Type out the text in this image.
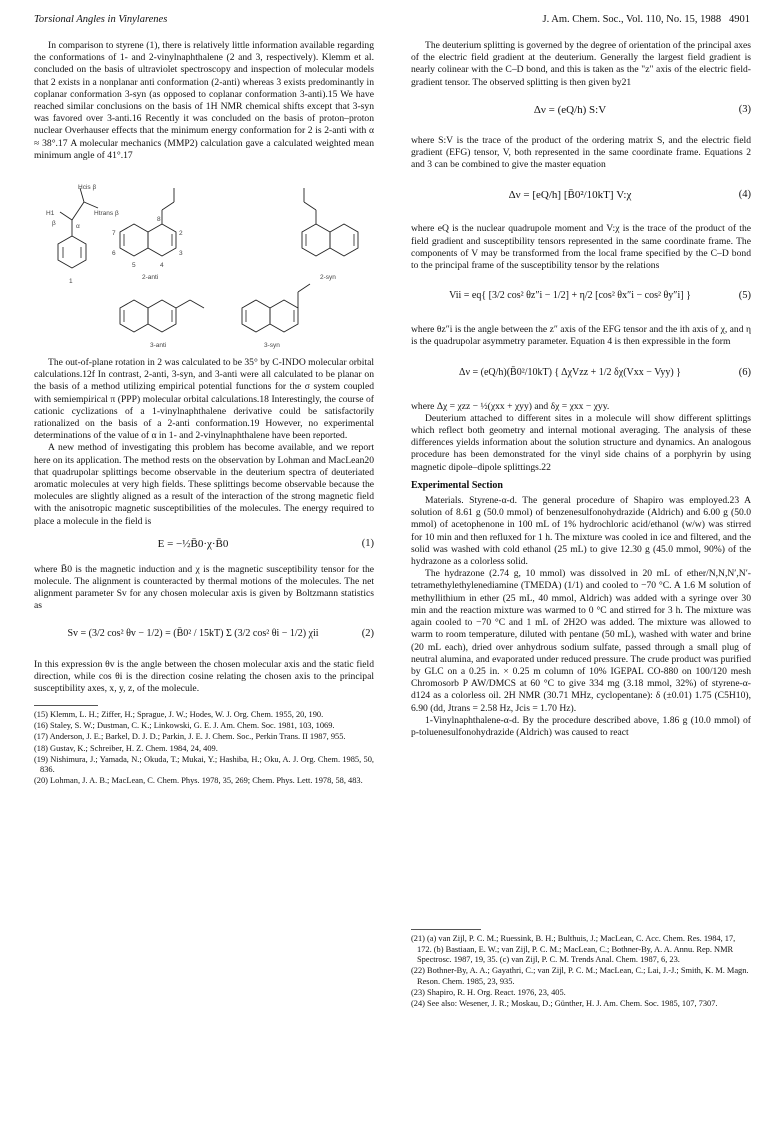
Torsional Angles in Vinylarenes	J. Am. Chem. Soc., Vol. 110, No. 15, 1988 4901

In comparison to styrene (1), there is relatively little information available regarding the conformations of 1- and 2-vinylnaphthalene (2 and 3, respectively). Klemm et al. concluded on the basis of ultraviolet spectroscopy and inspection of molecular models that 2 exists in a nonplanar anti conformation (2-anti) whereas 3 exists predominantly in coplanar conformation 3-syn (as opposed to coplanar conformation 3-anti).15 We have reached similar conclusions on the basis of 1H NMR chemical shifts except that 3-syn was favored over 3-anti.16 Recently it was concluded on the basis of proton–proton nuclear Overhauser effects that the minimum energy conformation for 2 is 2-anti with α ≈ 38°.17 A molecular mechanics (MMP2) calculation gave a calculated weighted mean minimum angle of 41°.17

Hcis β
H1	Htrans β
β	α
8
7
6
5	4
3
2
1
2-anti	2-syn
3-anti	3-syn

The out-of-plane rotation in 2 was calculated to be 35° by C-INDO molecular orbital calculations.12f In contrast, 2-anti, 3-syn, and 3-anti were all calculated to be planar on the basis of a method utilizing empirical potential functions for the σ system coupled with semiempirical π (PPP) molecular orbital calculations.18 Interestingly, the course of cationic cyclizations of a 1-vinylnaphthalene derivative could be satisfactorily rationalized on the basis of a 2-anti conformation.19 However, no experimental determinations of the value of α in 1- and 2-vinylnaphthalene have been reported.

A new method of investigating this problem has become available, and we report here on its application. The method rests on the observation by Lohman and MacLean20 that quadrupolar splittings become observable in the deuterium spectra of deuteriated aromatic molecules at very high fields. These splittings become observable because the molecules are slightly aligned as a result of the interaction of the strong magnetic field with the anisotropic magnetic susceptibilities of the molecules. The energy required to place a molecule in the field is

E = −½B̄0·χ·B̄0	(1)

where B̄0 is the magnetic induction and χ is the magnetic susceptibility tensor for the molecule. The alignment is counteracted by thermal motions of the molecules. The net alignment parameter Sv for any chosen molecular axis is given by Boltzmann statistics as

Sv = (3/2 cos² θv − 1/2) = (B̄0² / 15kT) Σ (3/2 cos² θi − 1/2) χii	(2)

In this expression θv is the angle between the chosen molecular axis and the static field direction, while cos θi is the direction cosine relating the chosen axis to the principal susceptibility axes, x, y, z, of the molecule.

(15) Klemm, L. H.; Ziffer, H.; Sprague, J. W.; Hodes, W. J. Org. Chem. 1955, 20, 190.
(16) Staley, S. W.; Dustman, C. K.; Linkowski, G. E. J. Am. Chem. Soc. 1981, 103, 1069.
(17) Anderson, J. E.; Barkel, D. J. D.; Parkin, J. E. J. Chem. Soc., Perkin Trans. II 1987, 955.
(18) Gustav, K.; Schreiber, H. Z. Chem. 1984, 24, 409.
(19) Nishimura, J.; Yamada, N.; Okuda, T.; Mukai, Y.; Hashiba, H.; Oku, A. J. Org. Chem. 1985, 50, 836.
(20) Lohman, J. A. B.; MacLean, C. Chem. Phys. 1978, 35, 269; Chem. Phys. Lett. 1978, 58, 483.

The deuterium splitting is governed by the degree of orientation of the principal axes of the electric field gradient at the deuterium. Generally the largest field gradient is nearly colinear with the C–D bond, and this is taken as the "z" axis of the electric field-gradient tensor. The observed splitting is then given by21

Δν = (eQ/h) S:V	(3)

where S:V is the trace of the product of the ordering matrix S, and the electric field gradient (EFG) tensor, V, both represented in the same coordinate frame. Equations 2 and 3 can be combined to give the master equation

Δν = [eQ/h] [B̄0²/10kT] V:χ	(4)

where eQ is the nuclear quadrupole moment and V:χ is the trace of the product of the field gradient and susceptibility tensors represented in the same coordinate frame. The components of V may be transformed from the local frame specified by the C–D bond to the principal frame of the susceptibility tensor by the relations

Vii = eq{ [3/2 cos² θz″i − 1/2] + η/2 [cos² θx″i − cos² θy″i] }	(5)

where θz″i is the angle between the z″ axis of the EFG tensor and the ith axis of χ, and η is the quadrupolar asymmetry parameter. Equation 4 is then expressible in the form

Δν = (eQ/h)(B̄0²/10kT) { ΔχVzz + 1/2 δχ(Vxx − Vyy) }	(6)

where Δχ = χzz − ½(χxx + χyy) and δχ = χxx − χyy.

Deuterium attached to different sites in a molecule will show different splittings which reflect both geometry and internal motional averaging. The analysis of these differences yields information about the solution structure and dynamics. An analogous procedure has been demonstrated for the vinyl side chains of a porphyrin by using magnetic dipole–dipole splittings.22

Experimental Section

Materials. Styrene-α-d. The general procedure of Shapiro was employed.23 A solution of 8.61 g (50.0 mmol) of benzenesulfonohydrazide (Aldrich) and 6.00 g (50.0 mmol) of acetophenone in 100 mL of 1% hydrochloric acid/ethanol (w/w) was stirred for 10 min and then refluxed for 1 h. The mixture was cooled in ice and filtered, and the solid was washed with cold ethanol (25 mL) to give 12.30 g (45.0 mmol, 90%) of the hydrazone as a colorless solid.

The hydrazone (2.74 g, 10 mmol) was dissolved in 20 mL of ether/N,N,N′,N′-tetramethylethylenediamine (TMEDA) (1/1) and cooled to −70 °C. A 1.6 M solution of methyllithium in ether (25 mL, 40 mmol, Aldrich) was added with a syringe over 30 min and the reaction mixture was warmed to 0 °C and stirred for 3 h. The mixture was again cooled to −70 °C and 1 mL of 2H2O was added. The mixture was allowed to warm to room temperature, diluted with pentane (50 mL), washed with water and brine (20 mL each), dried over anhydrous sodium sulfate, passed through a small plug of neutral alumina, and evaporated under reduced pressure. The crude product was purified by GLC on a 0.25 in. × 0.25 m column of 10% IGEPAL CO-880 on 100/120 mesh Chromosorb P AW/DMCS at 60 °C to give 334 mg (3.18 mmol, 32%) of styrene-α-d124 as a colorless oil. 2H NMR (30.71 MHz, cyclopentane): δ (±0.01) 1.75 (C5H10), 6.90 (dd, Jtrans = 2.58 Hz, Jcis = 1.70 Hz).

1-Vinylnaphthalene-α-d. By the procedure described above, 1.86 g (10.0 mmol) of p-toluenesulfonohydrazide (Aldrich) was caused to react

(21) (a) van Zijl, P. C. M.; Ruessink, B. H.; Bulthuis, J.; MacLean, C. Acc. Chem. Res. 1984, 17, 172. (b) Bastiaan, E. W.; van Zijl, P. C. M.; MacLean, C.; Bothner-By, A. A. Annu. Rep. NMR Spectrosc. 1987, 19, 35. (c) van Zijl, P. C. M. Trends Anal. Chem. 1987, 6, 23.
(22) Bothner-By, A. A.; Gayathri, C.; van Zijl, P. C. M.; MacLean, C.; Lai, J.-J.; Smith, K. M. Magn. Reson. Chem. 1985, 23, 935.
(23) Shapiro, R. H. Org. React. 1976, 23, 405.
(24) See also: Wesener, J. R.; Moskau, D.; Günther, H. J. Am. Chem. Soc. 1985, 107, 7307.
